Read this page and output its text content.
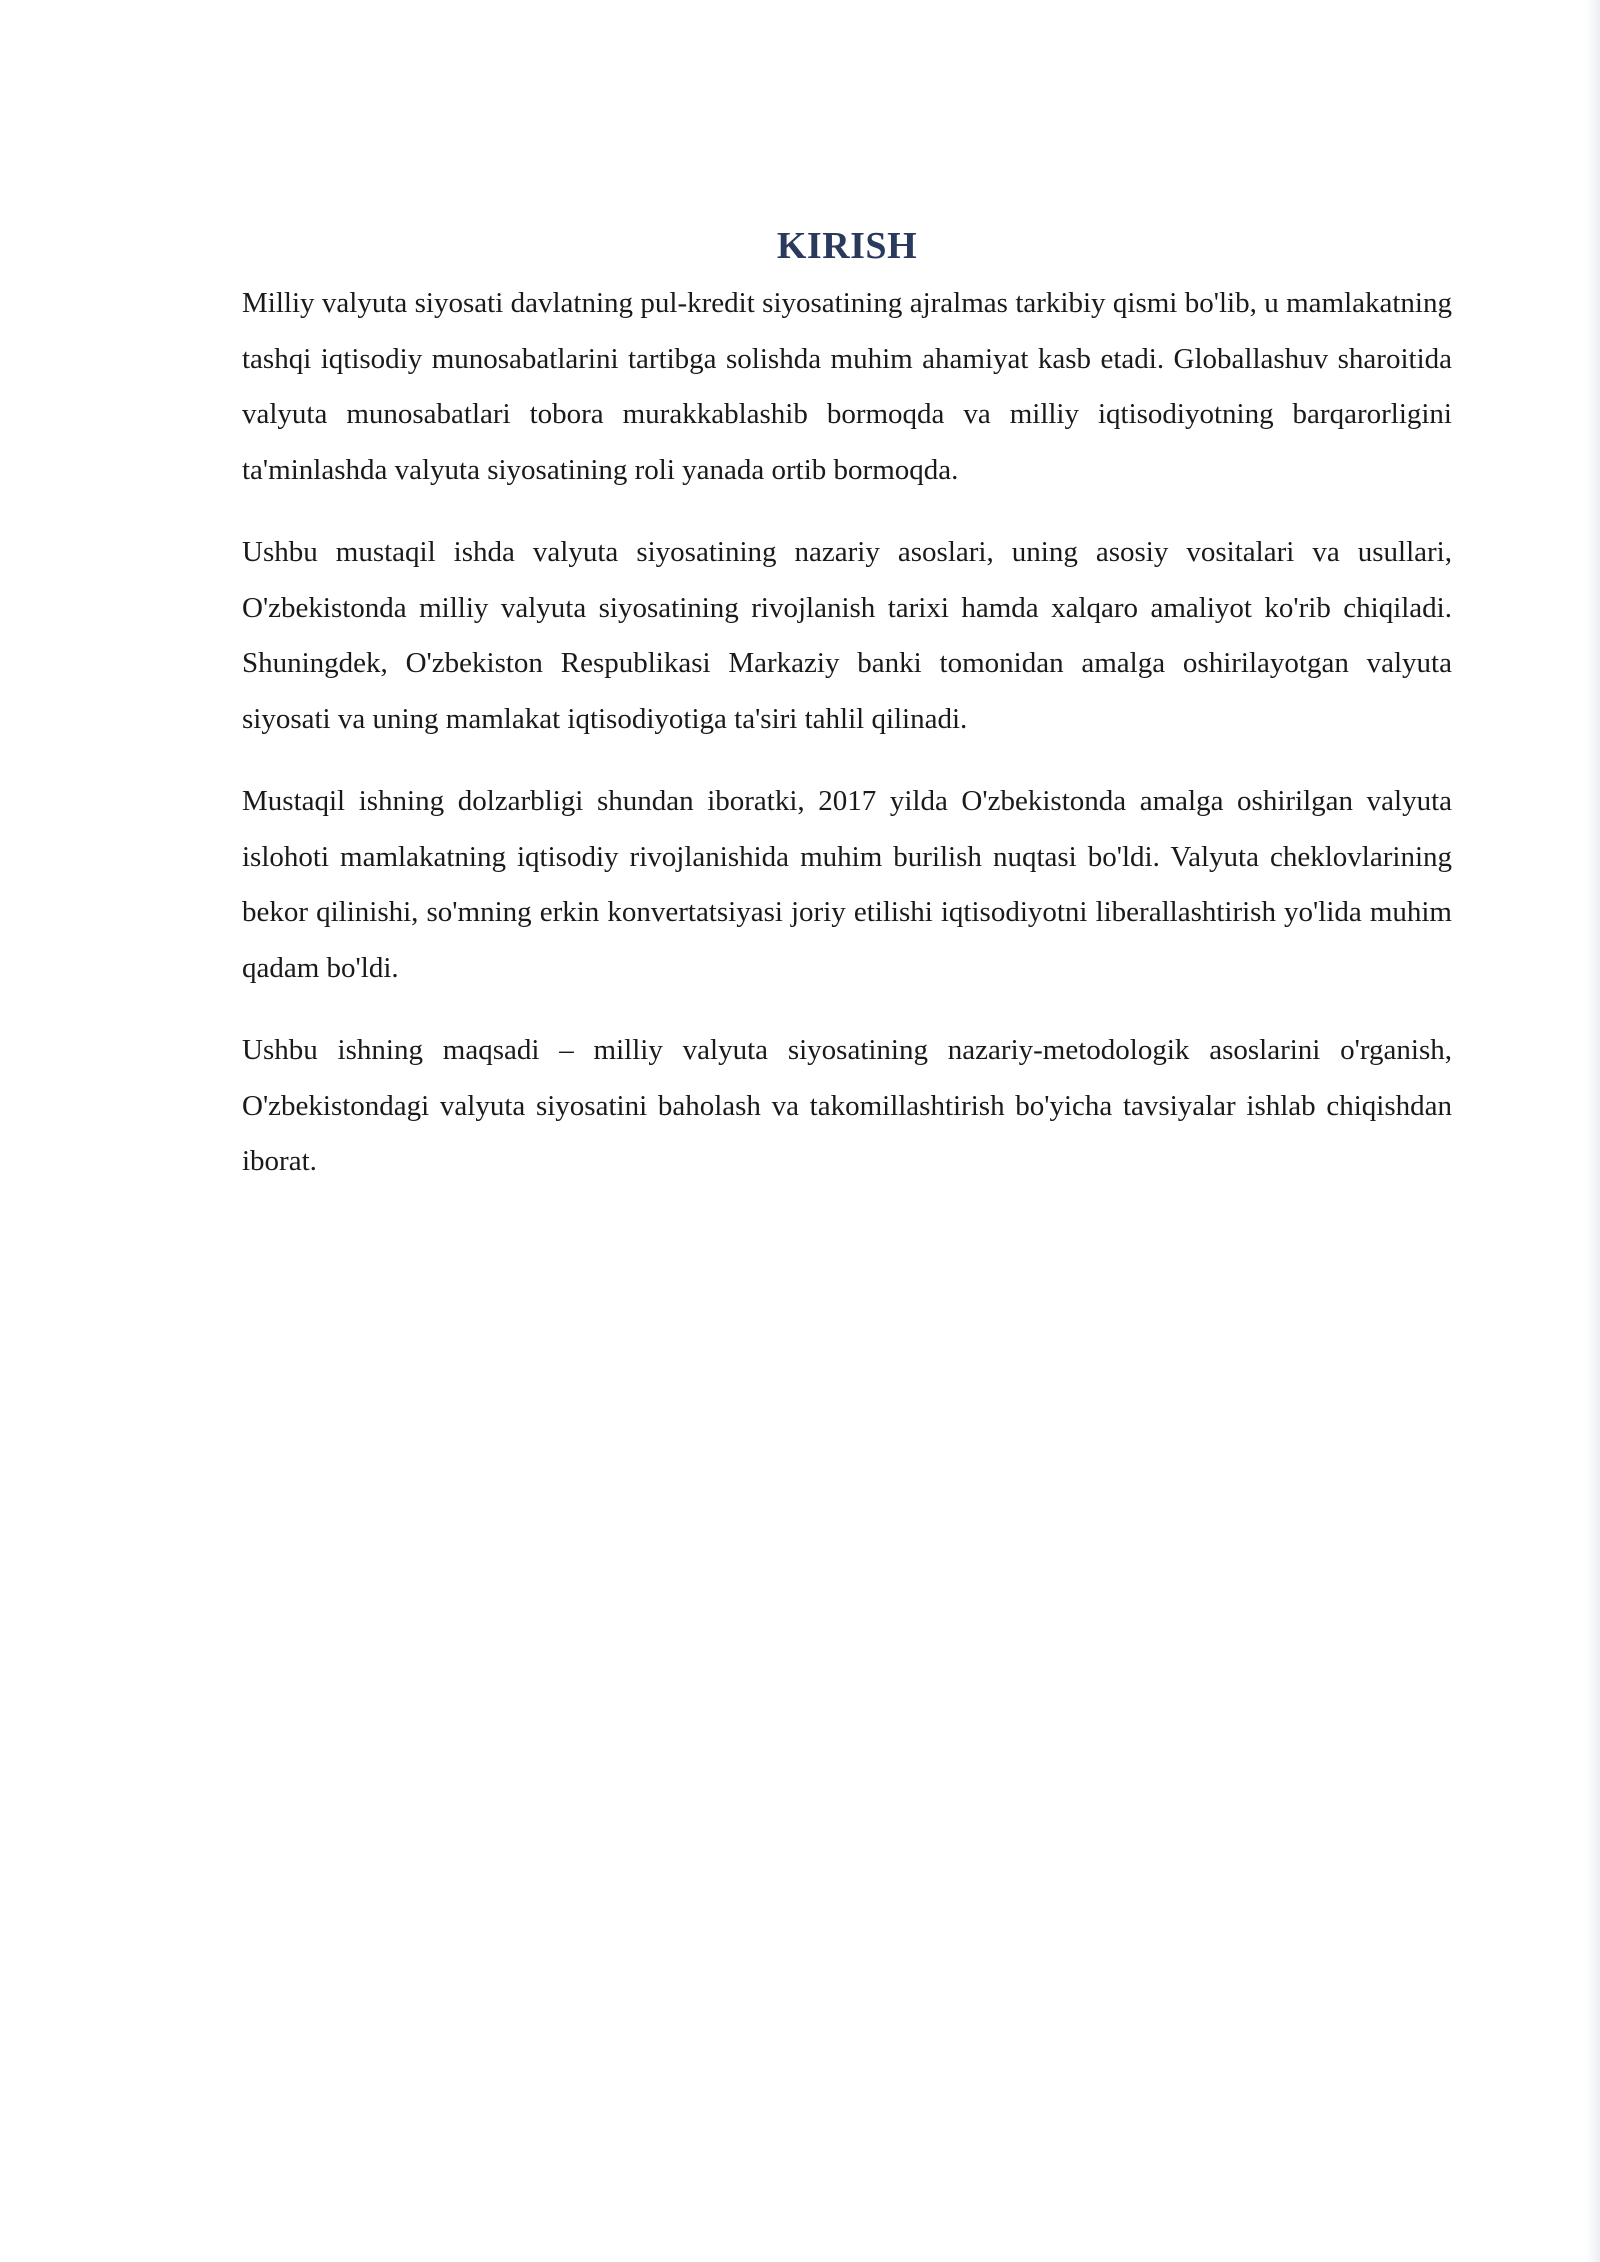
KIRISH

Milliy valyuta siyosati davlatning pul-kredit siyosatining ajralmas tarkibiy qismi bo'lib, u mamlakatning tashqi iqtisodiy munosabatlarini tartibga solishda muhim ahamiyat kasb etadi. Globallashuv sharoitida valyuta munosabatlari tobora murakkablashib bormoqda va milliy iqtisodiyotning barqarorligini ta'minlashda valyuta siyosatining roli yanada ortib bormoqda.

Ushbu mustaqil ishda valyuta siyosatining nazariy asoslari, uning asosiy vositalari va usullari, O'zbekistonda milliy valyuta siyosatining rivojlanish tarixi hamda xalqaro amaliyot ko'rib chiqiladi. Shuningdek, O'zbekiston Respublikasi Markaziy banki tomonidan amalga oshirilayotgan valyuta siyosati va uning mamlakat iqtisodiyotiga ta'siri tahlil qilinadi.

Mustaqil ishning dolzarbligi shundan iboratki, 2017 yilda O'zbekistonda amalga oshirilgan valyuta islohoti mamlakatning iqtisodiy rivojlanishida muhim burilish nuqtasi bo'ldi. Valyuta cheklovlarining bekor qilinishi, so'mning erkin konvertatsiyasi joriy etilishi iqtisodiyotni liberallashtirish yo'lida muhim qadam bo'ldi.

Ushbu ishning maqsadi – milliy valyuta siyosatining nazariy-metodologik asoslarini o'rganish, O'zbekistondagi valyuta siyosatini baholash va takomillashtirish bo'yicha tavsiyalar ishlab chiqishdan iborat.
